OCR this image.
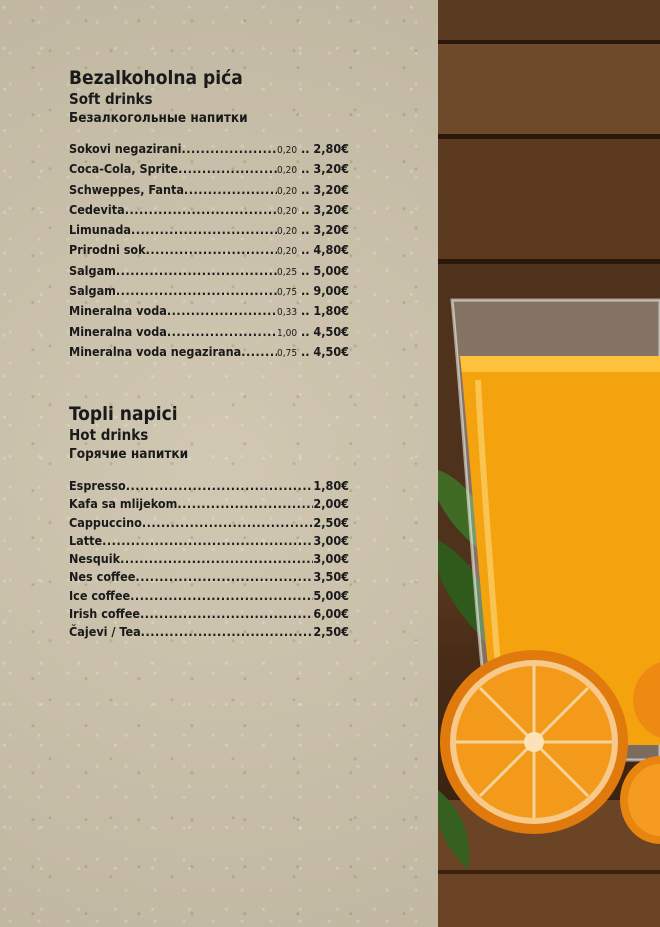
Bezalkoholna pića
Soft drinks
Безалкогольные напитки
Sokovi negazirani .....	0,20 .. 2,80€
Coca-Cola, Sprite .....	0,20 .. 3,20€
Schweppes, Fanta .....	0,20 .. 3,20€
Cedevita .....	0,20 .. 3,20€
Limunada .....	0,20 .. 3,20€
Prirodni sok .....	0,20 .. 4,80€
Salgam .....	0,25 .. 5,00€
Salgam .....	0,75 .. 9,00€
Mineralna voda .....	0,33 .. 1,80€
Mineralna voda .....	1,00 .. 4,50€
Mineralna voda negazirana .....	0,75 .. 4,50€
Topli napici
Hot drinks
Горячие напитки
Espresso .....	1,80€
Kafa sa mlijekom .....	2,00€
Cappuccino .....	2,50€
Latte .....	3,00€
Nesquik .....	3,00€
Nes coffee .....	3,50€
Ice coffee .....	5,00€
Irish coffee .....	6,00€
Čajevi / Tea .....	2,50€
